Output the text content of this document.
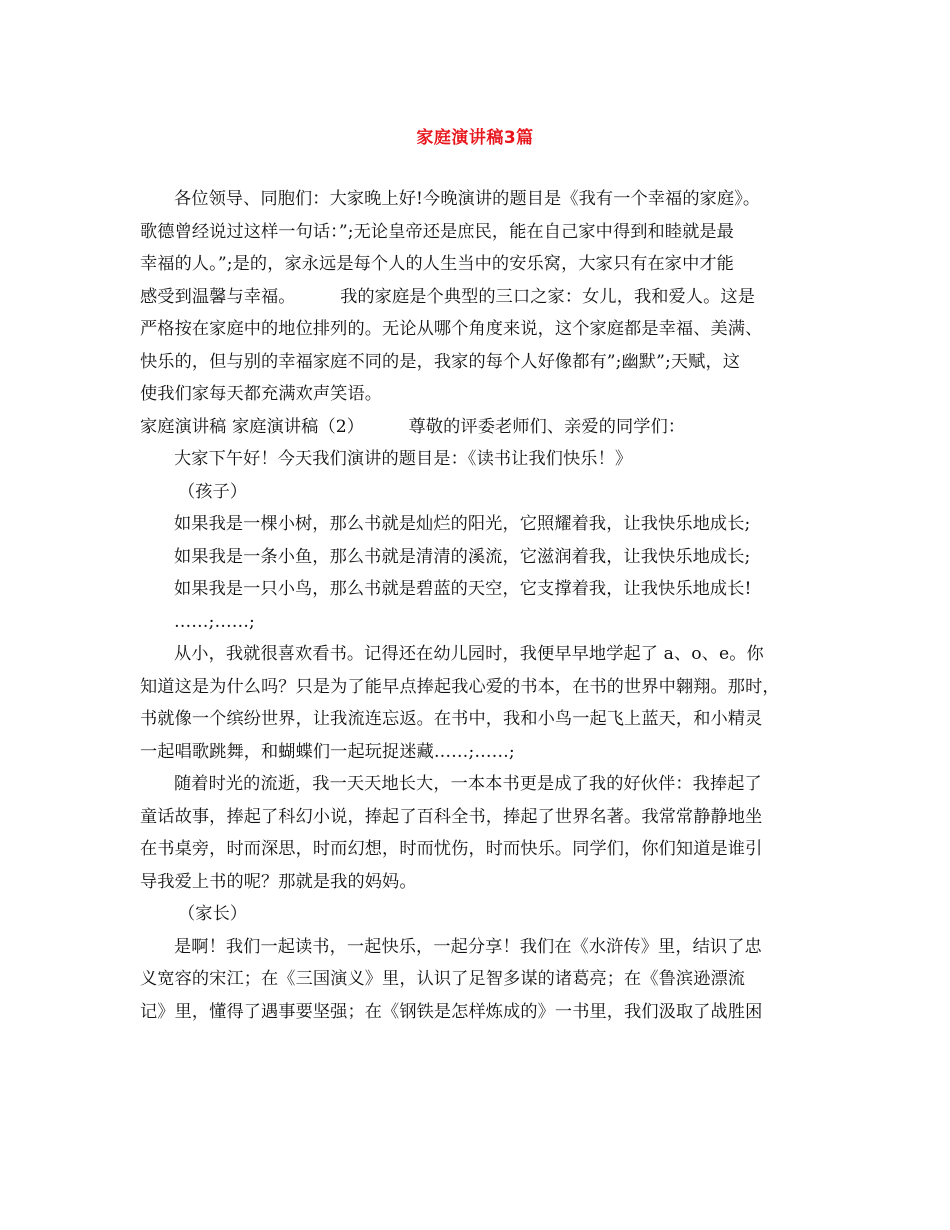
家庭演讲稿3篇
各位领导、同胞们：大家晚上好!今晚演讲的题目是《我有一个幸福的家庭》。
歌德曾经说过这样一句话：”;无论皇帝还是庶民，能在自己家中得到和睦就是最
幸福的人。”;是的，家永远是每个人的人生当中的安乐窝，大家只有在家中才能
感受到温馨与幸福。        我的家庭是个典型的三口之家：女儿，我和爱人。这是
严格按在家庭中的地位排列的。无论从哪个角度来说，这个家庭都是幸福、美满、
快乐的，但与别的幸福家庭不同的是，我家的每个人好像都有”;幽默”;天赋，这
使我们家每天都充满欢声笑语。
家庭演讲稿 家庭演讲稿（2）        尊敬的评委老师们、亲爱的同学们：
大家下午好！今天我们演讲的题目是：《读书让我们快乐！》
（孩子）
如果我是一棵小树，那么书就是灿烂的阳光，它照耀着我，让我快乐地成长;
如果我是一条小鱼，那么书就是清清的溪流，它滋润着我，让我快乐地成长;
如果我是一只小鸟，那么书就是碧蓝的天空，它支撑着我，让我快乐地成长!
……;……;
从小，我就很喜欢看书。记得还在幼儿园时，我便早早地学起了 a、o、e。你
知道这是为什么吗？只是为了能早点捧起我心爱的书本，在书的世界中翱翔。那时，
书就像一个缤纷世界，让我流连忘返。在书中，我和小鸟一起飞上蓝天，和小精灵
一起唱歌跳舞，和蝴蝶们一起玩捉迷藏……;……;
随着时光的流逝，我一天天地长大，一本本书更是成了我的好伙伴：我捧起了
童话故事，捧起了科幻小说，捧起了百科全书，捧起了世界名著。我常常静静地坐
在书桌旁，时而深思，时而幻想，时而忧伤，时而快乐。同学们，你们知道是谁引
导我爱上书的呢？那就是我的妈妈。
（家长）
是啊！我们一起读书，一起快乐，一起分享！我们在《水浒传》里，结识了忠
义宽容的宋江；在《三国演义》里，认识了足智多谋的诸葛亮；在《鲁滨逊漂流
记》里，懂得了遇事要坚强；在《钢铁是怎样炼成的》一书里，我们汲取了战胜困
